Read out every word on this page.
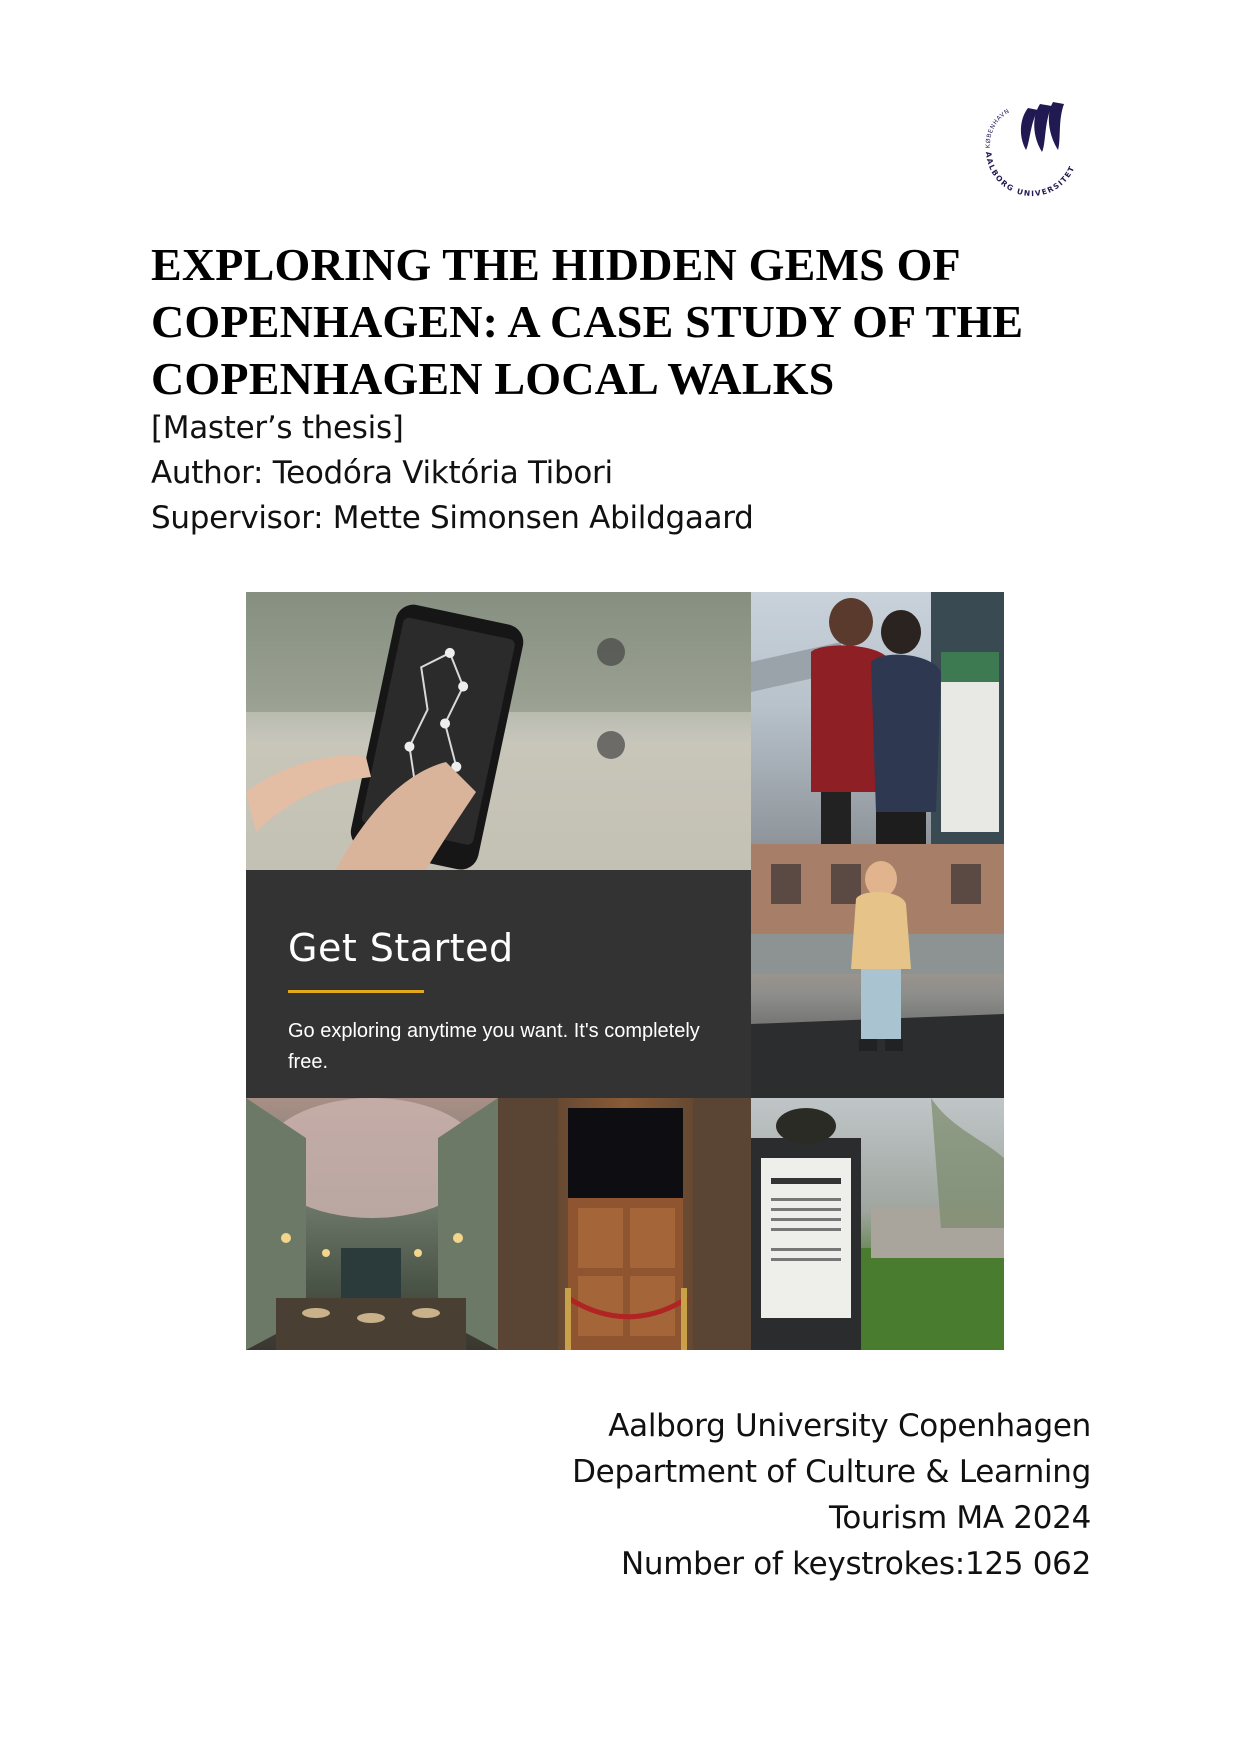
KØBENHAVN
AALBORG UNIVERSITET
EXPLORING THE HIDDEN GEMS OF COPENHAGEN: A CASE STUDY OF THE COPENHAGEN LOCAL WALKS
[Master’s thesis]
Author: Teodóra Viktória Tibori
Supervisor: Mette Simonsen Abildgaard
Get Started
Go exploring anytime you want. It's completely free.
Aalborg University Copenhagen
Department of Culture & Learning
Tourism MA 2024
Number of keystrokes:125 062
